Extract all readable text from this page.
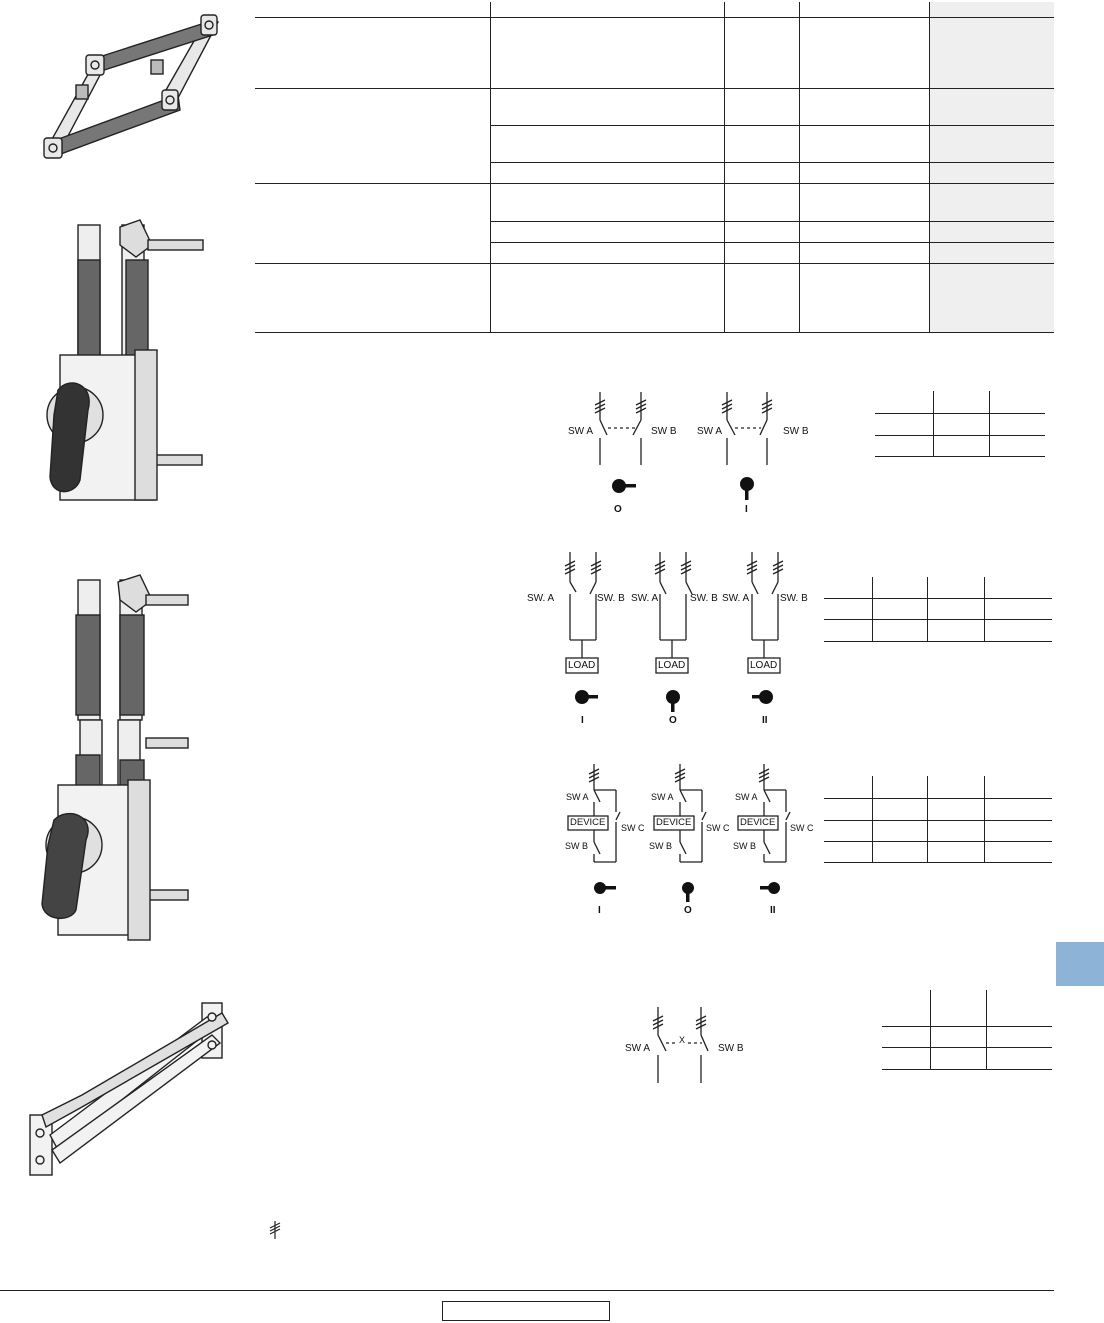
SW A	SW B SW A	SW B
O	I
SW. A	SW. B SW. A	SW. B SW. A	SW. B
LOAD	LOAD	LOAD
I	O	II
SW A
SW C
SW B
DEVICE
SW A
SW C
SW B
DEVICE
SW A
SW C
SW B
DEVICE
I	O	II
SW A
X
SW B
